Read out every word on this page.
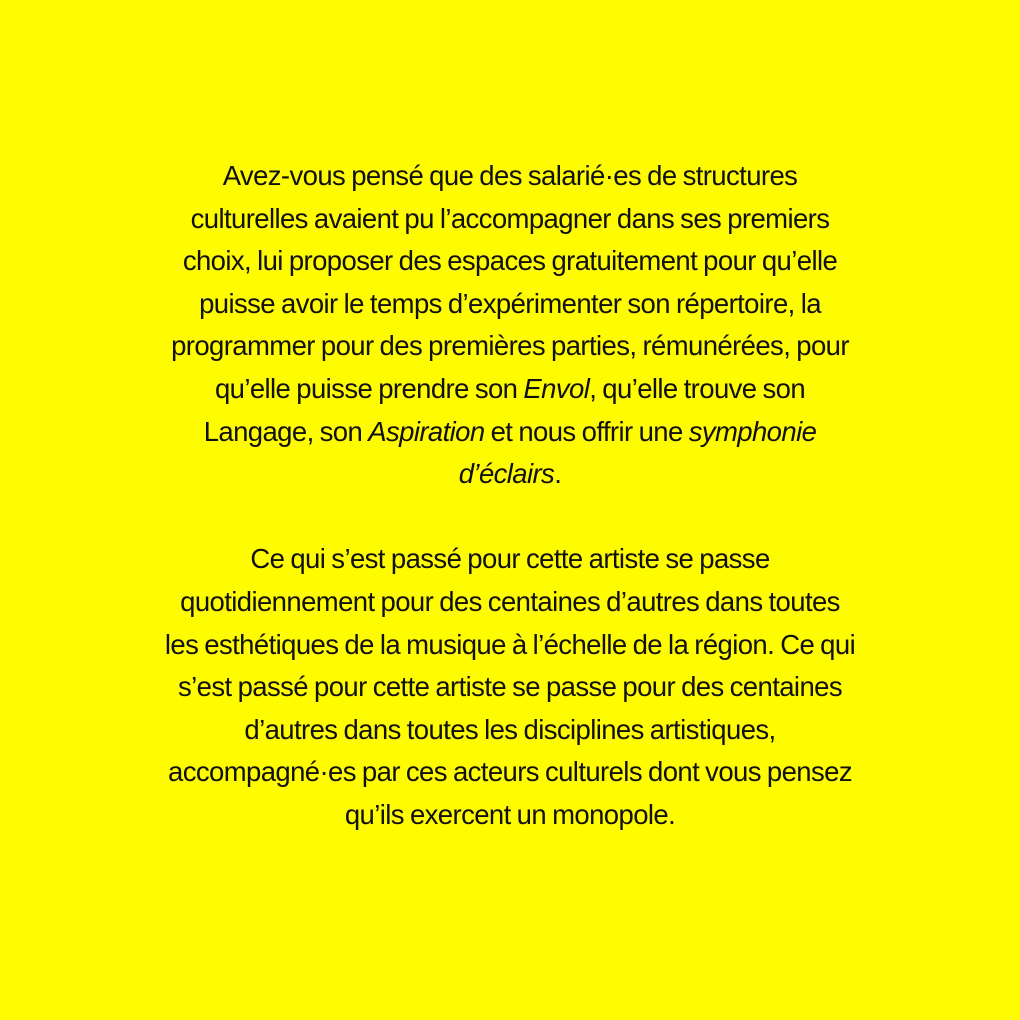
Avez-vous pensé que des salarié·es de structures
culturelles avaient pu l’accompagner dans ses premiers
choix, lui proposer des espaces gratuitement pour qu’elle
puisse avoir le temps d’expérimenter son répertoire, la
programmer pour des premières parties, rémunérées, pour
qu’elle puisse prendre son Envol, qu’elle trouve son
Langage, son Aspiration et nous offrir une symphonie
d’éclairs.

Ce qui s’est passé pour cette artiste se passe
quotidiennement pour des centaines d’autres dans toutes
les esthétiques de la musique à l’échelle de la région. Ce qui
s’est passé pour cette artiste se passe pour des centaines
d’autres dans toutes les disciplines artistiques,
accompagné·es par ces acteurs culturels dont vous pensez
qu’ils exercent un monopole.
